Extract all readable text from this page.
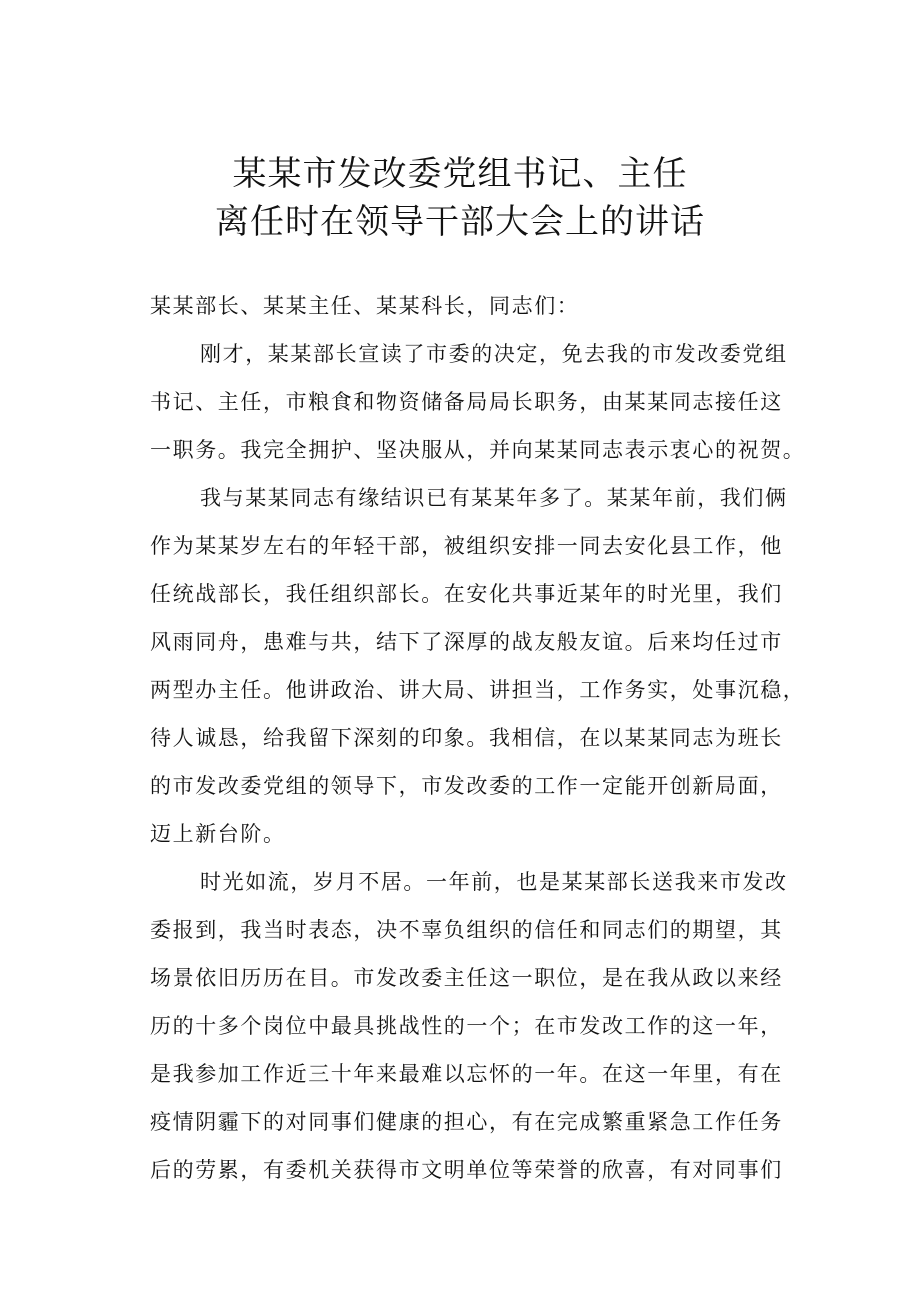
某某市发改委党组书记、主任
离任时在领导干部大会上的讲话
某某部长、某某主任、某某科长，同志们：
刚才，某某部长宣读了市委的决定，免去我的市发改委党组
书记、主任，市粮食和物资储备局局长职务，由某某同志接任这
一职务。我完全拥护、坚决服从，并向某某同志表示衷心的祝贺。
我与某某同志有缘结识已有某某年多了。某某年前，我们俩
作为某某岁左右的年轻干部，被组织安排一同去安化县工作，他
任统战部长，我任组织部长。在安化共事近某年的时光里，我们
风雨同舟，患难与共，结下了深厚的战友般友谊。后来均任过市
两型办主任。他讲政治、讲大局、讲担当，工作务实，处事沉稳，
待人诚恳，给我留下深刻的印象。我相信，在以某某同志为班长
的市发改委党组的领导下，市发改委的工作一定能开创新局面，
迈上新台阶。
时光如流，岁月不居。一年前，也是某某部长送我来市发改
委报到，我当时表态，决不辜负组织的信任和同志们的期望，其
场景依旧历历在目。市发改委主任这一职位，是在我从政以来经
历的十多个岗位中最具挑战性的一个；在市发改工作的这一年，
是我参加工作近三十年来最难以忘怀的一年。在这一年里，有在
疫情阴霾下的对同事们健康的担心，有在完成繁重紧急工作任务
后的劳累，有委机关获得市文明单位等荣誉的欣喜，有对同事们
